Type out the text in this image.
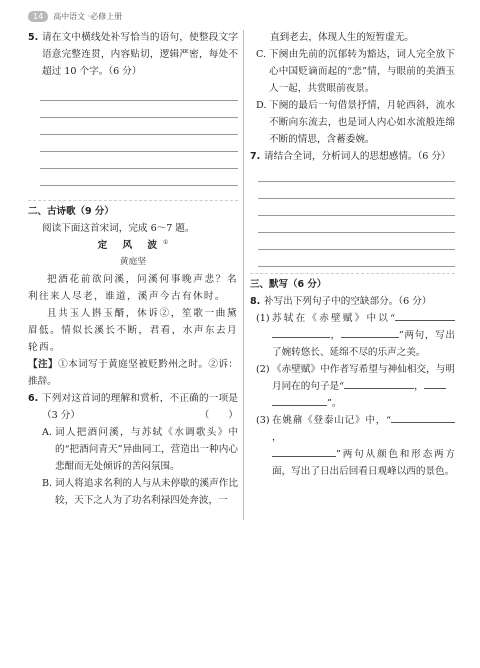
14	高中语文 ·必修上册
5. 请在文中横线处补写恰当的语句，使整段文字语意完整连贯，内容贴切，逻辑严密，每处不超过 10 个字。（6 分）
二、古诗歌（9 分）
阅读下面这首宋词，完成 6～7 题。
定 风 波①
黄庭坚
把酒花前欲问溪，问溪何事晚声悲？名利往来人尽老，谁道，溪声今古有休时。
且共玉人斟玉醑，休诉②，笙歌一曲黛眉低。情似长溪长不断，君看，水声东去月轮西。
【注】①本词写于黄庭坚被贬黔州之时。②诉：推辞。
6. 下列对这首词的理解和赏析，不正确的一项是（3 分）	（　　）
A. 词人把酒问溪，与苏轼《水调歌头》中的“把酒问青天”异曲同工，营造出一种内心悲酣而无处倾诉的苦闷氛围。
B. 词人将追求名利的人与从未停歇的溪声作比较，天下之人为了功名利禄四处奔波，一
直到老去，体现人生的短暂虚无。
C. 下阕由先前的沉郁转为豁达，词人完全放下心中国贬谪而起的“悲”情，与眼前的美酒玉人一起，共赏眼前夜景。
D. 下阕的最后一句借景抒情，月轮西斜，流水不断向东流去，也是词人内心如水流般连绵不断的情思，含蓄委婉。
7. 请结合全词，分析词人的思想感情。（6 分）
三、默写（6 分）
8. 补写出下列句子中的空缺部分。（6 分）
(1) 苏轼在《赤壁赋》中以“，	”两句，写出了婉转悠长、延绵不尽的乐声之美。
(2) 《赤壁赋》中作者写希望与神仙相交，与明月同在的句子是“	，
”。
(3) 在姚鼐《登泰山记》中，“，
”两句从颜色和形态两方面，写出了日出后回看日观峰以西的景色。
